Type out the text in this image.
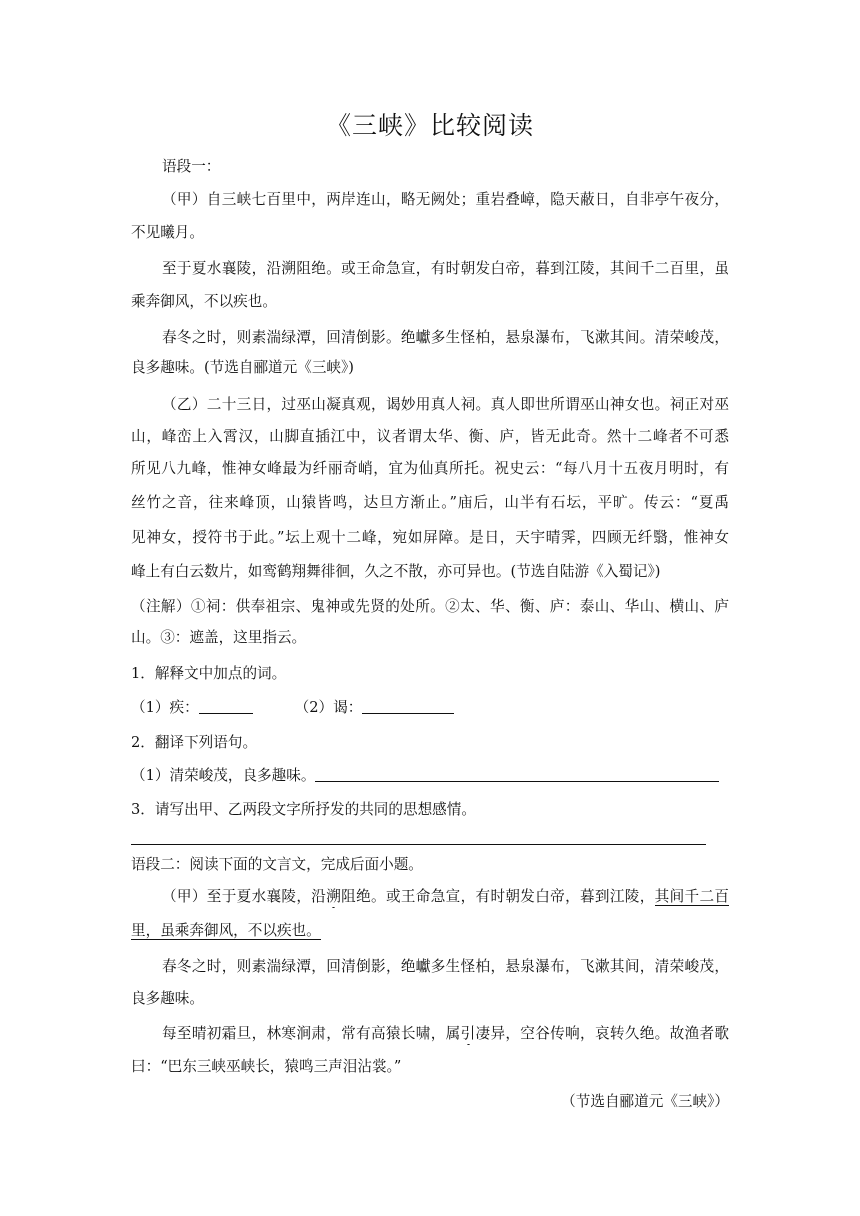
《三峡》比较阅读
语段一：
（甲）自三峡七百里中，两岸连山，略无阙处；重岩叠嶂，隐天蔽日，自非亭午夜分，
不见曦月。
至于夏水襄陵，沿溯阻绝。或王命急宣，有时朝发白帝，暮到江陵，其间千二百里，虽
乘奔御风，不以疾也。
春冬之时，则素湍绿潭，回清倒影。绝巘多生怪柏，悬泉瀑布，飞漱其间。清荣峻茂，
良多趣味。(节选自郦道元《三峡》)
（乙）二十三日，过巫山凝真观，谒妙用真人祠。真人即世所谓巫山神女也。祠正对巫
山，峰峦上入霄汉，山脚直插江中，议者谓太华、衡、庐，皆无此奇。然十二峰者不可悉
所见八九峰，惟神女峰最为纤丽奇峭，宜为仙真所托。祝史云：“每八月十五夜月明时，有
丝竹之音，往来峰顶，山猿皆鸣，达旦方渐止。”庙后，山半有石坛，平旷。传云：“夏禹
见神女，授符书于此。”坛上观十二峰，宛如屏障。是日，天宇晴霁，四顾无纤翳，惟神女
峰上有白云数片，如鸾鹤翔舞徘徊，久之不散，亦可异也。(节选自陆游《入蜀记》)
（注解）①祠：供奉祖宗、鬼神或先贤的处所。②太、华、衡、庐：泰山、华山、横山、庐
山。③：遮盖，这里指云。
1．解释文中加点的词。
（1）疾：	（2）谒：
2．翻译下列语句。
（1）清荣峻茂，良多趣味。
3．请写出甲、乙两段文字所抒发的共同的思想感情。
语段二：阅读下面的文言文，完成后面小题。
（甲）至于夏水襄陵，沿溯阻绝。或王命急宣，有时朝发白帝，暮到江陵，其间千二百
里，虽乘奔御风，不以疾也。
春冬之时，则素湍绿潭，回清倒影，绝巘多生怪柏，悬泉瀑布，飞漱其间，清荣峻茂，
良多趣味。
每至晴初霜旦，林寒涧肃，常有高猿长啸，属引凄异，空谷传响，哀转久绝。故渔者歌
曰：“巴东三峡巫峡长，猿鸣三声泪沾裳。”
（节选自郦道元《三峡》）
